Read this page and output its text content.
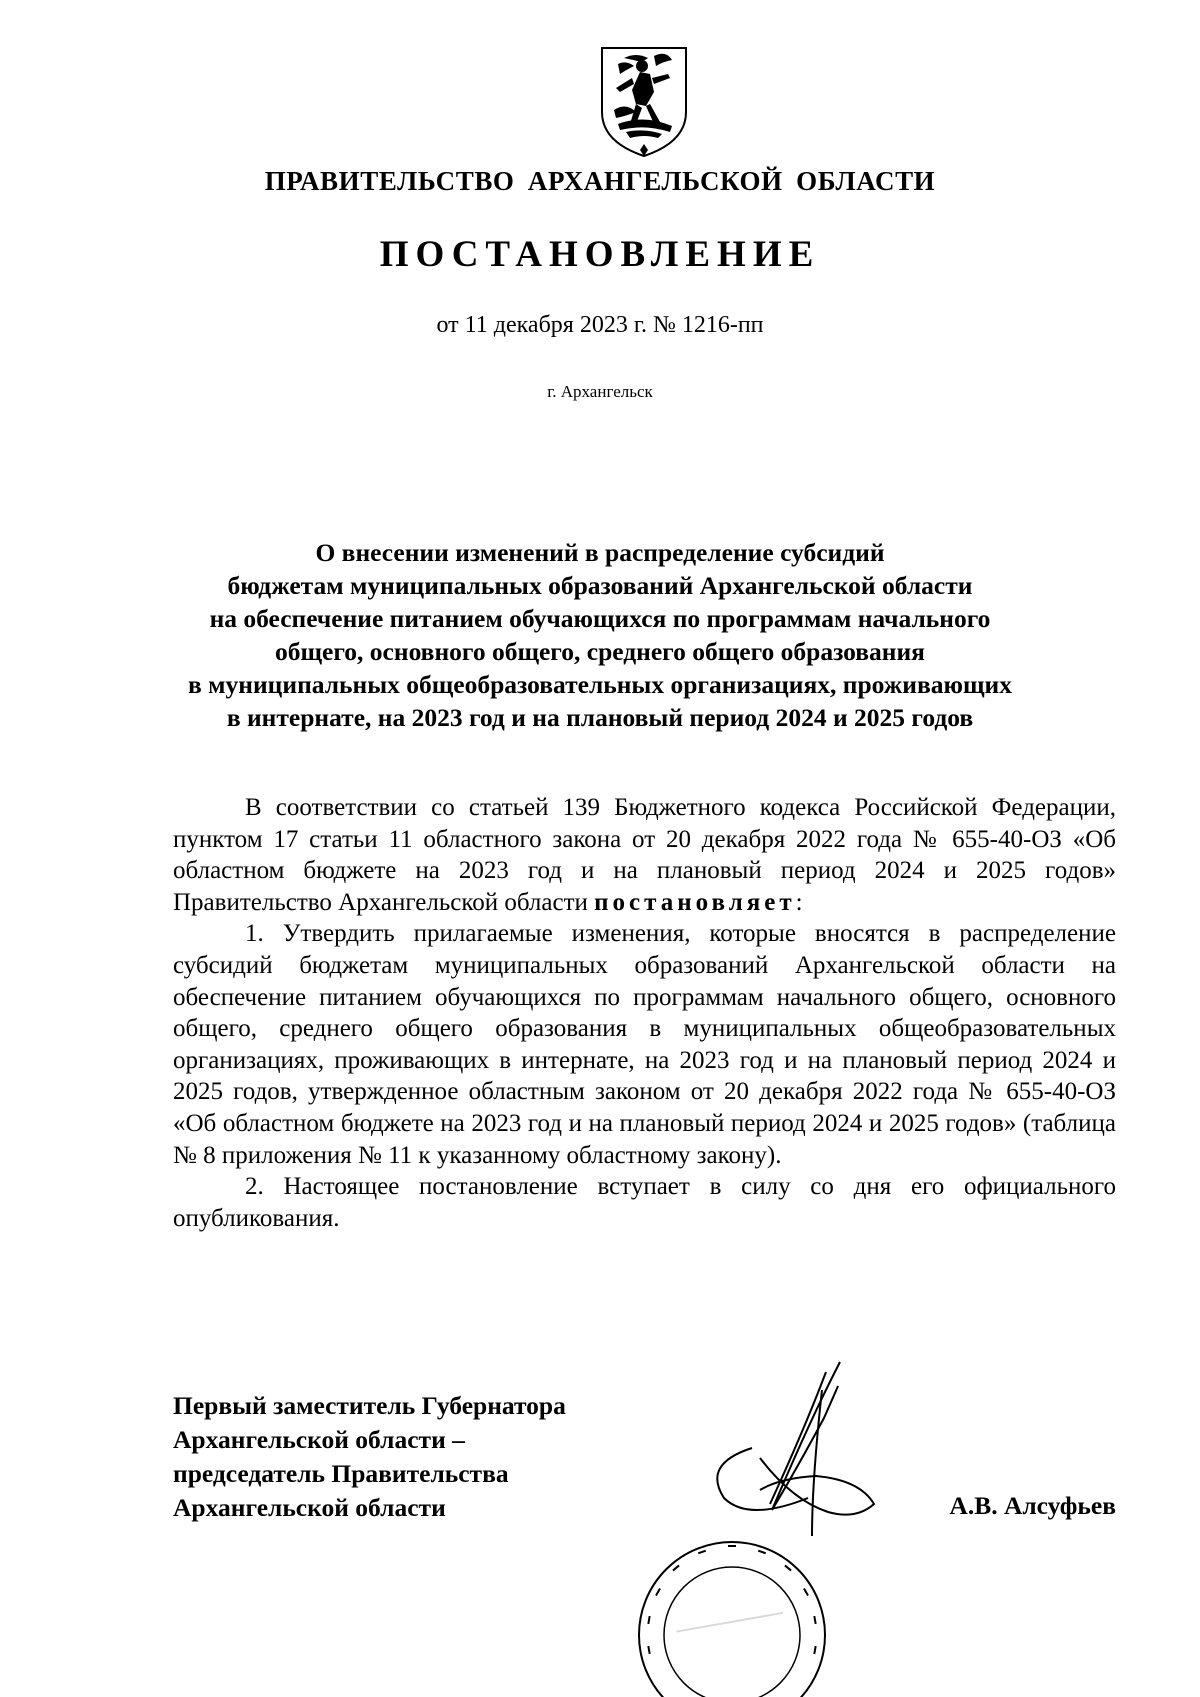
ПРАВИТЕЛЬСТВО АРХАНГЕЛЬСКОЙ ОБЛАСТИ
ПОСТАНОВЛЕНИЕ
от 11 декабря 2023 г. № 1216-пп
г. Архангельск
О внесении изменений в распределение субсидий
бюджетам муниципальных образований Архангельской области
на обеспечение питанием обучающихся по программам начального
общего, основного общего, среднего общего образования
в муниципальных общеобразовательных организациях, проживающих
в интернате, на 2023 год и на плановый период 2024 и 2025 годов

В соответствии со статьей 139 Бюджетного кодекса Российской Федерации, пунктом 17 статьи 11 областного закона от 20 декабря 2022 года № 655-40-ОЗ «Об областном бюджете на 2023 год и на плановый период 2024 и 2025 годов» Правительство Архангельской области постановляет:

1. Утвердить прилагаемые изменения, которые вносятся в распределение субсидий бюджетам муниципальных образований Архангельской области на обеспечение питанием обучающихся по программам начального общего, основного общего, среднего общего образования в муниципальных общеобразовательных организациях, проживающих в интернате, на 2023 год и на плановый период 2024 и 2025 годов, утвержденное областным законом от 20 декабря 2022 года № 655-40-ОЗ «Об областном бюджете на 2023 год и на плановый период 2024 и 2025 годов» (таблица № 8 приложения № 11 к указанному областному закону).

2. Настоящее постановление вступает в силу со дня его официального опубликования.

Первый заместитель Губернатора
Архангельской области –
председатель Правительства
Архангельской области	А.В. Алсуфьев
